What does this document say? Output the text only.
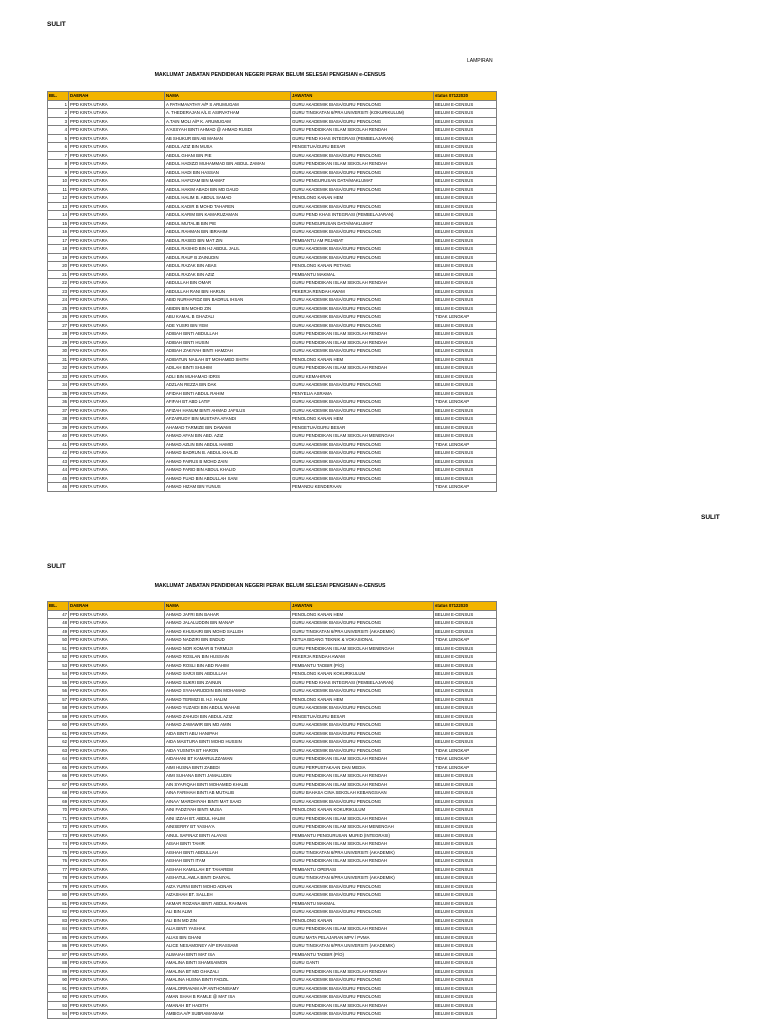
SULIT
LAMPIRAN
MAKLUMAT JABATAN PENDIDIKAN NEGERI PERAK BELUM SELESAI PENGISIAN e-CENSUS
BIL.	DAERAH	NAMA	JAWATAN	status 07122020
1	PPD KINTA UTARA	A PATHMAVATHY A/P S ARUMUGAM	GURU AKADEMIK BIASA/GURU PENOLONG	BELUM E-CENSUS
2	PPD KINTA UTARA	A. THEDERAJAN A/L E ASIRVATHAM	GURU TINGKATAN 6/PRA UNIVERSITI (KOKURIKULUM)	BELUM E-CENSUS
3	PPD KINTA UTARA	A.TAIN MOLI A/P K. ARUMUGAM	GURU AKADEMIK BIASA/GURU PENOLONG	BELUM E-CENSUS
4	PPD KINTA UTARA	A'ASSYAH BINTI AHMAD @ AHMAD RUSDI	GURU PENDIDIKAN ISLAM SEKOLAH RENDAH	BELUM E-CENSUS
5	PPD KINTA UTARA	AB SHUKUR BIN AB MANAN	GURU PEND KHAS INTEGRASI (PEMBELAJARAN)	BELUM E-CENSUS
6	PPD KINTA UTARA	ABDUL AZIZ BIN MUSA	PENGETUA/GURU BESAR	BELUM E-CENSUS
7	PPD KINTA UTARA	ABDUL GHANI BIN PIE	GURU AKADEMIK BIASA/GURU PENOLONG	BELUM E-CENSUS
8	PPD KINTA UTARA	ABDUL HADIZZI MUHAMMAD BIN ABDUL ZAMAN	GURU PENDIDIKAN ISLAM SEKOLAH RENDAH	BELUM E-CENSUS
9	PPD KINTA UTARA	ABDUL HADI BIN HASSAN	GURU AKADEMIK BIASA/GURU PENOLONG	BELUM E-CENSUS
10	PPD KINTA UTARA	ABDUL HAFIZAM BIN MAMAT	GURU PENGURUSAN DATA/MAKLUMAT	BELUM E-CENSUS
11	PPD KINTA UTARA	ABDUL HAKIM ABADI BIN MD DAUD	GURU AKADEMIK BIASA/GURU PENOLONG	BELUM E-CENSUS
12	PPD KINTA UTARA	ABDUL HALIM B. ABDUL SAMAD	PENOLONG KANAN HEM	BELUM E-CENSUS
13	PPD KINTA UTARA	ABDUL KADIR B MOHD TAHAREN	GURU AKADEMIK BIASA/GURU PENOLONG	BELUM E-CENSUS
14	PPD KINTA UTARA	ABDUL KARIM BIN KAMARUZAMAN	GURU PEND KHAS INTEGRASI (PEMBELAJARAN)	BELUM E-CENSUS
15	PPD KINTA UTARA	ABDUL MUTALIB BIN PIE	GURU PENGURUSAN DATA/MAKLUMAT	BELUM E-CENSUS
16	PPD KINTA UTARA	ABDUL RAHMAN BIN IBRAHIM	GURU AKADEMIK BIASA/GURU PENOLONG	BELUM E-CENSUS
17	PPD KINTA UTARA	ABDUL RASED BIN MAT ZIN	PEMBANTU AM PEJABAT	BELUM E-CENSUS
18	PPD KINTA UTARA	ABDUL RASHID BIN HJ ABDUL JALIL	GURU AKADEMIK BIASA/GURU PENOLONG	BELUM E-CENSUS
19	PPD KINTA UTARA	ABDUL RAUF B ZAINUDIN	GURU AKADEMIK BIASA/GURU PENOLONG	BELUM E-CENSUS
20	PPD KINTA UTARA	ABDUL RAZAK BIN ABAS	PENOLONG KANAN PETANG	BELUM E-CENSUS
21	PPD KINTA UTARA	ABDUL RAZAK BIN AZIZ	PEMBANTU MAKMAL	BELUM E-CENSUS
22	PPD KINTA UTARA	ABDULLAH BIN OMAR	GURU PENDIDIKAN ISLAM SEKOLAH RENDAH	BELUM E-CENSUS
23	PPD KINTA UTARA	ABDULLAH RANI BIN HARUN	PEKERJA RENDAH AWAM	BELUM E-CENSUS
24	PPD KINTA UTARA	ABID NURHAFIDZ BIN BADRUL IHSAN	GURU AKADEMIK BIASA/GURU PENOLONG	BELUM E-CENSUS
25	PPD KINTA UTARA	ABIDIN BIN MOHD ZIN	GURU AKADEMIK BIASA/GURU PENOLONG	BELUM E-CENSUS
26	PPD KINTA UTARA	ABU KAMAL B GHAZALI	GURU AKADEMIK BIASA/GURU PENOLONG	TIDAK LENGKAP
27	PPD KINTA UTARA	ADE YUSRI BIN YEM	GURU AKADEMIK BIASA/GURU PENOLONG	BELUM E-CENSUS
28	PPD KINTA UTARA	ADIBAH BINTI ABDULLAH	GURU PENDIDIKAN ISLAM SEKOLAH RENDAH	BELUM E-CENSUS
29	PPD KINTA UTARA	ADIBAH BINTI HUSIN	GURU PENDIDIKAN ISLAM SEKOLAH RENDAH	BELUM E-CENSUS
30	PPD KINTA UTARA	ADIBAH ZAKIYAH BINTI HAMZAH	GURU AKADEMIK BIASA/GURU PENOLONG	BELUM E-CENSUS
31	PPD KINTA UTARA	ADIBATUN NAILAH BT MOHAMED SHITH	PENOLONG KANAN HEM	BELUM E-CENSUS
32	PPD KINTA UTARA	ADILAH BINTI SHUHIM	GURU PENDIDIKAN ISLAM SEKOLAH RENDAH	BELUM E-CENSUS
33	PPD KINTA UTARA	ADLI BIN MUHAMAD IDRIS	GURU KEMAHIRAN	BELUM E-CENSUS
34	PPD KINTA UTARA	ADZLAN REZZA BIN DAK	GURU AKADEMIK BIASA/GURU PENOLONG	BELUM E-CENSUS
35	PPD KINTA UTARA	AFIDAH BINTI ABDUL RAHIM	PENYELIA ASRAMA	BELUM E-CENSUS
36	PPD KINTA UTARA	AFIFAH BT ABD LATIF	GURU AKADEMIK BIASA/GURU PENOLONG	TIDAK LENGKAP
37	PPD KINTA UTARA	AFIZAH HANUM BINTI AHMAD JAFILUS	GURU AKADEMIK BIASA/GURU PENOLONG	BELUM E-CENSUS
38	PPD KINTA UTARA	AFZAIRUDY BIN MUSTAFA AFANDI	PENOLONG KANAN HEM	BELUM E-CENSUS
39	PPD KINTA UTARA	AHAMAD TARMIZE BIN DAWAMI	PENGETUA/GURU BESAR	BELUM E-CENSUS
40	PPD KINTA UTARA	AHMAD AFAN BIN ABD. AZIZ	GURU PENDIDIKAN ISLAM SEKOLAH MENENGAH	BELUM E-CENSUS
41	PPD KINTA UTARA	AHMAD AZLIN BIN ABDUL HAMID	GURU AKADEMIK BIASA/GURU PENOLONG	TIDAK LENGKAP
42	PPD KINTA UTARA	AHMAD BADRUN B. ABDUL KHALID	GURU AKADEMIK BIASA/GURU PENOLONG	BELUM E-CENSUS
43	PPD KINTA UTARA	AHMAD FAIRUS B MOHD ZAIN	GURU AKADEMIK BIASA/GURU PENOLONG	BELUM E-CENSUS
44	PPD KINTA UTARA	AHMAD FARID BIN ABDUL KHALID	GURU AKADEMIK BIASA/GURU PENOLONG	BELUM E-CENSUS
45	PPD KINTA UTARA	AHMAD FUAD BIN ABDULLAH SANI	GURU AKADEMIK BIASA/GURU PENOLONG	BELUM E-CENSUS
46	PPD KINTA UTARA	AHMAD HIZAM BIN YUNUS	PEMANDU KENDERAAN	TIDAK LENGKAP
SULIT
SULIT
MAKLUMAT JABATAN PENDIDIKAN NEGERI PERAK BELUM SELESAI PENGISIAN e-CENSUS
BIL.	DAERAH	NAMA	JAWATAN	status 07122020
47	PPD KINTA UTARA	AHMAD JAFRI BIN BAHAR	PENOLONG KANAN HEM	BELUM E-CENSUS
48	PPD KINTA UTARA	AHMAD JALALUDDIN BIN MANAP	GURU AKADEMIK BIASA/GURU PENOLONG	BELUM E-CENSUS
49	PPD KINTA UTARA	AHMAD KHUSAIRI BIN MOHD SALLEH	GURU TINGKATAN 6/PRA UNIVERSITI (AKADEMIK)	BELUM E-CENSUS
50	PPD KINTA UTARA	AHMAD NADZIRI BIN ENDUD	KETUA BIDANG TEKNIK & VOKASIONAL	TIDAK LENGKAP
51	PPD KINTA UTARA	AHMAD NOR KOMAR B TARMUJI	GURU PENDIDIKAN ISLAM SEKOLAH MENENGAH	BELUM E-CENSUS
52	PPD KINTA UTARA	AHMAD ROSLAN BIN HUSSAIN	PEKERJA RENDAH AWAM	BELUM E-CENSUS
53	PPD KINTA UTARA	AHMAD ROSLI BIN ABD RAHIM	PEMBANTU TADBIR (P/O)	BELUM E-CENSUS
54	PPD KINTA UTARA	AHMAD SARJI BIN ABDULLAH	PENOLONG KANAN KOKURIKULUM	BELUM E-CENSUS
55	PPD KINTA UTARA	AHMAD SUKRI BIN ZAINUN	GURU PEND KHAS INTEGRASI (PEMBELAJARAN)	BELUM E-CENSUS
56	PPD KINTA UTARA	AHMAD SYAHARUDDIN BIN MOHAMAD	GURU AKADEMIK BIASA/GURU PENOLONG	BELUM E-CENSUS
57	PPD KINTA UTARA	AHMAD TERMIZI B. HJ. HALIM	PENOLONG KANAN HEM	BELUM E-CENSUS
58	PPD KINTA UTARA	AHMAD YUZAIDI BIN ABDUL WAHAB	GURU AKADEMIK BIASA/GURU PENOLONG	BELUM E-CENSUS
59	PPD KINTA UTARA	AHMAD ZAHUDI BIN ABDUL AZIZ	PENGETUA/GURU BESAR	BELUM E-CENSUS
60	PPD KINTA UTARA	AHMAD ZAWAWIR BIN MD AMIN	GURU AKADEMIK BIASA/GURU PENOLONG	BELUM E-CENSUS
61	PPD KINTA UTARA	AIDA BINTI ABU HANIPAH	GURU AKADEMIK BIASA/GURU PENOLONG	BELUM E-CENSUS
62	PPD KINTA UTARA	AIDA MASTURA BINTI MOHD HUSSIN	GURU AKADEMIK BIASA/GURU PENOLONG	BELUM E-CENSUS
63	PPD KINTA UTARA	AIDA YUSNITA BT HARON	GURU AKADEMIK BIASA/GURU PENOLONG	TIDAK LENGKAP
64	PPD KINTA UTARA	AIDAHANI BT KAMARULZZAMAN	GURU PENDIDIKAN ISLAM SEKOLAH RENDAH	TIDAK LENGKAP
65	PPD KINTA UTARA	AIMI HUSNA BINTI ZABEDI	GURU PERPUSTAKAAN DAN MEDIA	TIDAK LENGKAP
66	PPD KINTA UTARA	AIMI SUHANA BINTI JAMALUDIN	GURU PENDIDIKAN ISLAM SEKOLAH RENDAH	BELUM E-CENSUS
67	PPD KINTA UTARA	AIN SYAFIQAH BINTI MOHAMED KHALIB	GURU PENDIDIKAN ISLAM SEKOLAH RENDAH	BELUM E-CENSUS
68	PPD KINTA UTARA	AINA FARIHAH BINTI AB MUTALIB	GURU BAHASA CINA SEKOLAH KEBANGSAAN	BELUM E-CENSUS
69	PPD KINTA UTARA	AINAA' MARDHIYAH BINTI MAT SAAD	GURU AKADEMIK BIASA/GURU PENOLONG	BELUM E-CENSUS
70	PPD KINTA UTARA	AINI FADZIYAH BINTI MUSA	PENOLONG KANAN KOKURIKULUM	BELUM E-CENSUS
71	PPD KINTA UTARA	AINI IZZAH BT. ABDUL HALIM	GURU PENDIDIKAN ISLAM SEKOLAH RENDAH	BELUM E-CENSUS
72	PPD KINTA UTARA	AINISERRY BT YASHA'A	GURU PENDIDIKAN ISLAM SEKOLAH MENENGAH	BELUM E-CENSUS
73	PPD KINTA UTARA	AINUL SAFINAZ BINTI ALAYAS	PEMBANTU PENGURUSAN MURID (INTEGRASI)	BELUM E-CENSUS
74	PPD KINTA UTARA	AISAH BINTI TAHIR	GURU PENDIDIKAN ISLAM SEKOLAH RENDAH	BELUM E-CENSUS
75	PPD KINTA UTARA	AISHAH BINTI ABDULLAH	GURU TINGKATAN 6/PRA UNIVERSITI (AKADEMIK)	BELUM E-CENSUS
76	PPD KINTA UTARA	AISHAH BINTI ITAM	GURU PENDIDIKAN ISLAM SEKOLAH RENDAH	BELUM E-CENSUS
77	PPD KINTA UTARA	AISHAH KAMILLAH BT TAHAREM	PEMBANTU OPERASI	BELUM E-CENSUS
78	PPD KINTA UTARA	AISHATUL AWLA BINTI DANIYAL	GURU TINGKATAN 6/PRA UNIVERSITI (AKADEMIK)	BELUM E-CENSUS
79	PPD KINTA UTARA	AIZA YURNI BINTI MOHD ADNAN	GURU AKADEMIK BIASA/GURU PENOLONG	BELUM E-CENSUS
80	PPD KINTA UTARA	AIZASHAH BT. SALLEH	GURU AKADEMIK BIASA/GURU PENOLONG	BELUM E-CENSUS
81	PPD KINTA UTARA	AKMAR ROZANA BINTI ABDUL RAHMAN	PEMBANTU MAKMAL	BELUM E-CENSUS
82	PPD KINTA UTARA	ALI BIN ALWI	GURU AKADEMIK BIASA/GURU PENOLONG	BELUM E-CENSUS
83	PPD KINTA UTARA	ALI BIN MD ZIN	PENOLONG KANAN	BELUM E-CENSUS
84	PPD KINTA UTARA	ALIA BINTI YASHAK	GURU PENDIDIKAN ISLAM SEKOLAH RENDAH	BELUM E-CENSUS
85	PPD KINTA UTARA	ALIAS BIN GHANI	GURU MATA PELAJARAN MPV / PVMA	BELUM E-CENSUS
86	PPD KINTA UTARA	ALICE NESAMONEY A/P ERASSAMI	GURU TINGKATAN 6/PRA UNIVERSITI (AKADEMIK)	BELUM E-CENSUS
87	PPD KINTA UTARA	ALWAIAH BINTI MAT ISA	PEMBANTU TADBIR (P/O)	BELUM E-CENSUS
88	PPD KINTA UTARA	AMALINA BINTI SHAMSAIMON	GURU GANTI	BELUM E-CENSUS
89	PPD KINTA UTARA	AMALINA BT MD GHAZALI	GURU PENDIDIKAN ISLAM SEKOLAH RENDAH	BELUM E-CENSUS
90	PPD KINTA UTARA	AMALINA HUSNA BINTI FADZIL	GURU AKADEMIK BIASA/GURU PENOLONG	BELUM E-CENSUS
91	PPD KINTA UTARA	AMALORRAVAM A/P ANTHONISAMY	GURU AKADEMIK BIASA/GURU PENOLONG	BELUM E-CENSUS
92	PPD KINTA UTARA	AMAN SHAH B RAMLE @ MAT ISA	GURU AKADEMIK BIASA/GURU PENOLONG	BELUM E-CENSUS
93	PPD KINTA UTARA	AMANAH BT HADITH	GURU PENDIDIKAN ISLAM SEKOLAH RENDAH	BELUM E-CENSUS
94	PPD KINTA UTARA	AMBIGA A/P SUBRAMANIAM	GURU AKADEMIK BIASA/GURU PENOLONG	BELUM E-CENSUS
